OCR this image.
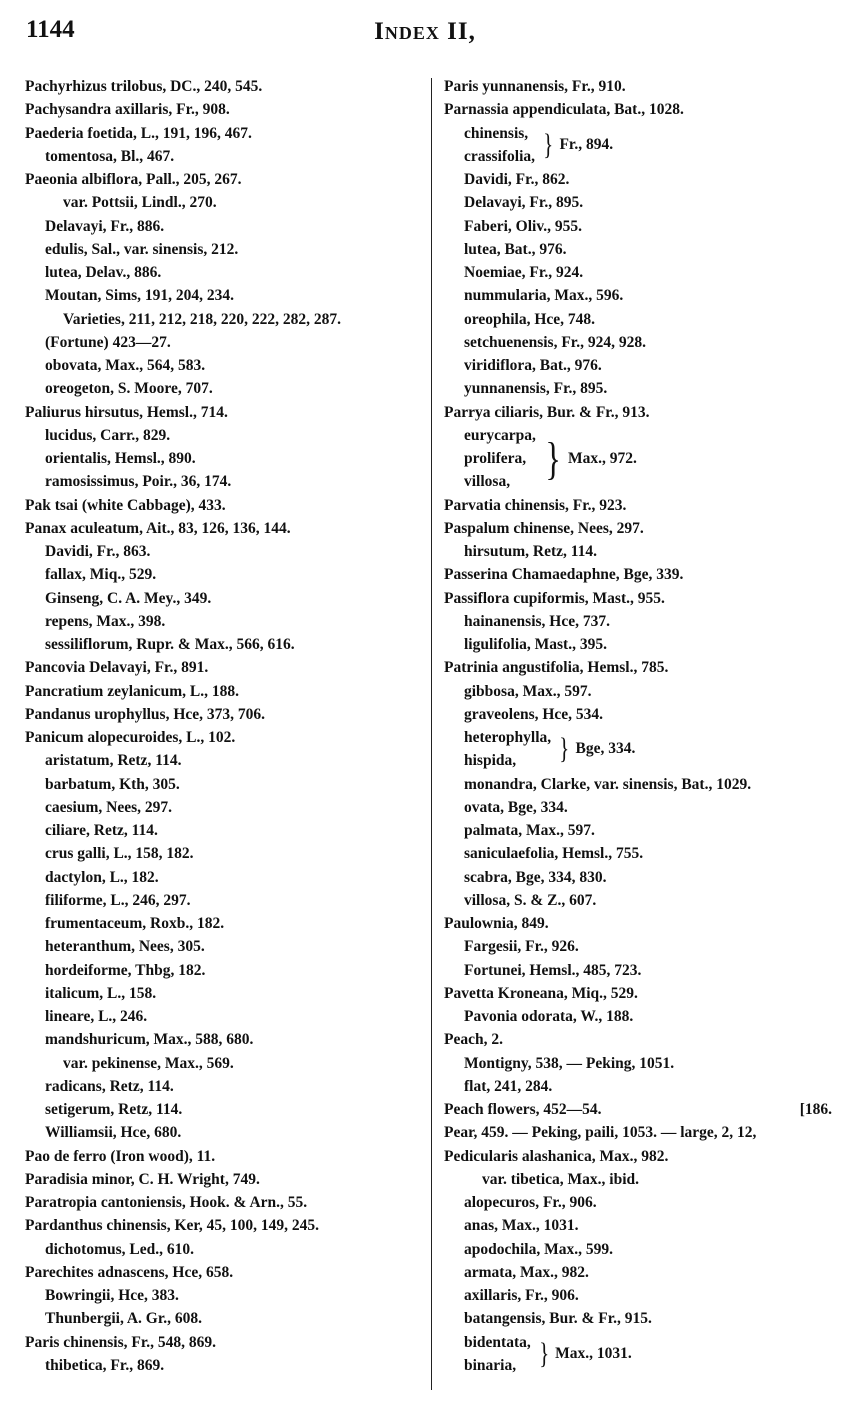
1144	Index II,
Pachyrhizus trilobus, DC., 240, 545.
Pachysandra axillaris, Fr., 908.
Paederia foetida, L., 191, 196, 467.
tomentosa, Bl., 467.
Paeonia albiflora, Pall., 205, 267.
var. Pottsii, Lindl., 270.
Delavayi, Fr., 886.
edulis, Sal., var. sinensis, 212.
lutea, Delav., 886.
Moutan, Sims, 191, 204, 234.
Varieties, 211, 212, 218, 220, 222, 282, 287.
(Fortune) 423—27.
obovata, Max., 564, 583.
oreogeton, S. Moore, 707.
Paliurus hirsutus, Hemsl., 714.
lucidus, Carr., 829.
orientalis, Hemsl., 890.
ramosissimus, Poir., 36, 174.
Pak tsai (white Cabbage), 433.
Panax aculeatum, Ait., 83, 126, 136, 144.
Davidi, Fr., 863.
fallax, Miq., 529.
Ginseng, C. A. Mey., 349.
repens, Max., 398.
sessiliflorum, Rupr. & Max., 566, 616.
Pancovia Delavayi, Fr., 891.
Pancratium zeylanicum, L., 188.
Pandanus urophyllus, Hce, 373, 706.
Panicum alopecuroides, L., 102.
aristatum, Retz, 114.
barbatum, Kth, 305.
caesium, Nees, 297.
ciliare, Retz, 114.
crus galli, L., 158, 182.
dactylon, L., 182.
filiforme, L., 246, 297.
frumentaceum, Roxb., 182.
heteranthum, Nees, 305.
hordeiforme, Thbg, 182.
italicum, L., 158.
lineare, L., 246.
mandshuricum, Max., 588, 680.
var. pekinense, Max., 569.
radicans, Retz, 114.
setigerum, Retz, 114.
Williamsii, Hce, 680.
Pao de ferro (Iron wood), 11.
Paradisia minor, C. H. Wright, 749.
Paratropia cantoniensis, Hook. & Arn., 55.
Pardanthus chinensis, Ker, 45, 100, 149, 245.
dichotomus, Led., 610.
Parechites adnascens, Hce, 658.
Bowringii, Hce, 383.
Thunbergii, A. Gr., 608.
Paris chinensis, Fr., 548, 869.
thibetica, Fr., 869.
Paris yunnanensis, Fr., 910.
Parnassia appendiculata, Bat., 1028.
chinensis,
crassifolia, } Fr., 894.
Davidi, Fr., 862.
Delavayi, Fr., 895.
Faberi, Oliv., 955.
lutea, Bat., 976.
Noemiae, Fr., 924.
nummularia, Max., 596.
oreophila, Hce, 748.
setchuenensis, Fr., 924, 928.
viridiflora, Bat., 976.
yunnanensis, Fr., 895.
Parrya ciliaris, Bur. & Fr., 913.
eurycarpa,
prolifera,
villosa, } Max., 972.
Parvatia chinensis, Fr., 923.
Paspalum chinense, Nees, 297.
hirsutum, Retz, 114.
Passerina Chamaedaphne, Bge, 339.
Passiflora cupiformis, Mast., 955.
hainanensis, Hce, 737.
ligulifolia, Mast., 395.
Patrinia angustifolia, Hemsl., 785.
gibbosa, Max., 597.
graveolens, Hce, 534.
heterophylla,
hispida,	} Bge, 334.
monandra, Clarke, var. sinensis, Bat., 1029.
ovata, Bge, 334.
palmata, Max., 597.
saniculaefolia, Hemsl., 755.
scabra, Bge, 334, 830.
villosa, S. & Z., 607.
Paulownia, 849.
Fargesii, Fr., 926.
Fortunei, Hemsl., 485, 723.
Pavetta Kroneana, Miq., 529.
Pavonia odorata, W., 188.
Peach, 2.
Montigny, 538, — Peking, 1051.
flat, 241, 284.
Peach flowers, 452—54.	[186.
Pear, 459. — Peking, paili, 1053. — large, 2, 12,
Pedicularis alashanica, Max., 982.
var. tibetica, Max., ibid.
alopecuros, Fr., 906.
anas, Max., 1031.
apodochila, Max., 599.
armata, Max., 982.
axillaris, Fr., 906.
batangensis, Bur. & Fr., 915.
bidentata,
binaria, } Max., 1031.
